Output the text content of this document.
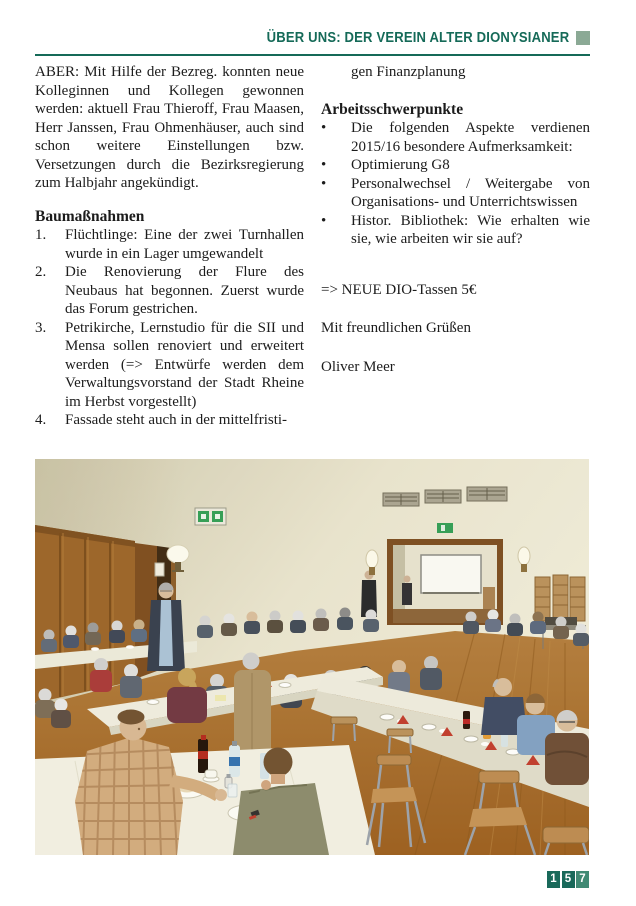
ÜBER UNS: DER VEREIN ALTER DIONYSIANER

ABER: Mit Hilfe der Bezreg. konnten neue Kolleginnen und Kollegen gewonnen werden: aktuell Frau Thieroff, Frau Maasen, Herr Janssen, Frau Ohmenhäuser, auch sind schon weitere Einstellungen bzw. Versetzungen durch die Bezirksregierung zum Halbjahr angekündigt.

Baumaßnahmen
1.	Flüchtlinge: Eine der zwei Turnhallen wurde in ein Lager umgewandelt
2.	Die Renovierung der Flure des Neubaus hat begonnen. Zuerst wurde das Forum gestrichen.
3.	Petrikirche, Lernstudio für die SII und Mensa sollen renoviert und erweitert werden (=> Entwürfe werden dem Verwaltungsvorstand der Stadt Rheine im Herbst vorgestellt)
4.	Fassade steht auch in der mittelfristi-

gen Finanzplanung

Arbeitsschwerpunkte
•	Die folgenden Aspekte verdienen 2015/16 besondere Aufmerksamkeit:
•	Optimierung G8
•	Personalwechsel / Weitergabe von Organisations- und Unterrichtswissen
•	Histor. Bibliothek: Wie erhalten wie sie, wie arbeiten wir sie auf?

=> NEUE DIO-Tassen 5€

Mit freundlichen Grüßen

Oliver Meer

1 5 7
